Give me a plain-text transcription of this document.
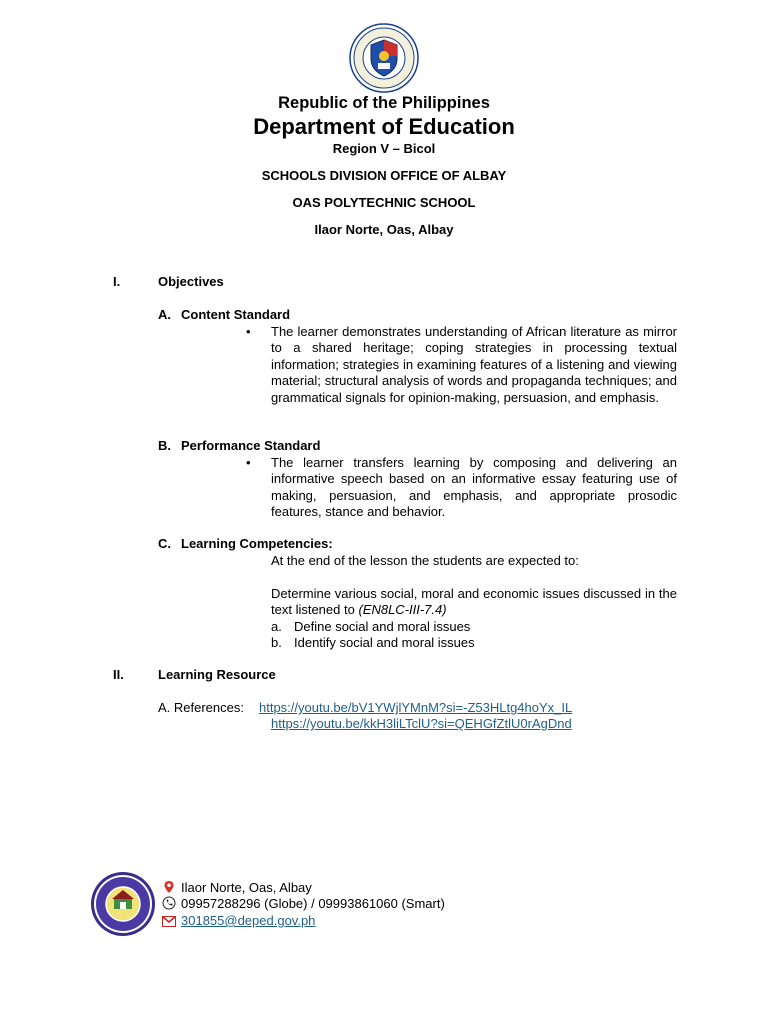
Republic of the Philippines
Department of Education
Region V – Bicol
SCHOOLS DIVISION OFFICE OF ALBAY
OAS POLYTECHNIC SCHOOL
Ilaor Norte, Oas, Albay
I.	Objectives
A. Content Standard
• The learner demonstrates understanding of African literature as mirror to a shared heritage; coping strategies in processing textual information; strategies in examining features of a listening and viewing material; structural analysis of words and propaganda techniques; and grammatical signals for opinion-making, persuasion, and emphasis.
B. Performance Standard
• The learner transfers learning by composing and delivering an informative speech based on an informative essay featuring use of making, persuasion, and emphasis, and appropriate prosodic features, stance and behavior.
C. Learning Competencies:
At the end of the lesson the students are expected to:
Determine various social, moral and economic issues discussed in the text listened to (EN8LC-III-7.4)
a. Define social and moral issues
b. Identify social and moral issues
II.	Learning Resource
A. References: https://youtu.be/bV1YWjlYMnM?si=-Z53HLtg4hoYx_IL
https://youtu.be/kkH3liLTclU?si=QEHGfZtlU0rAgDnd
Ilaor Norte, Oas, Albay
09957288296 (Globe) / 09993861060 (Smart)
301855@deped.gov.ph
